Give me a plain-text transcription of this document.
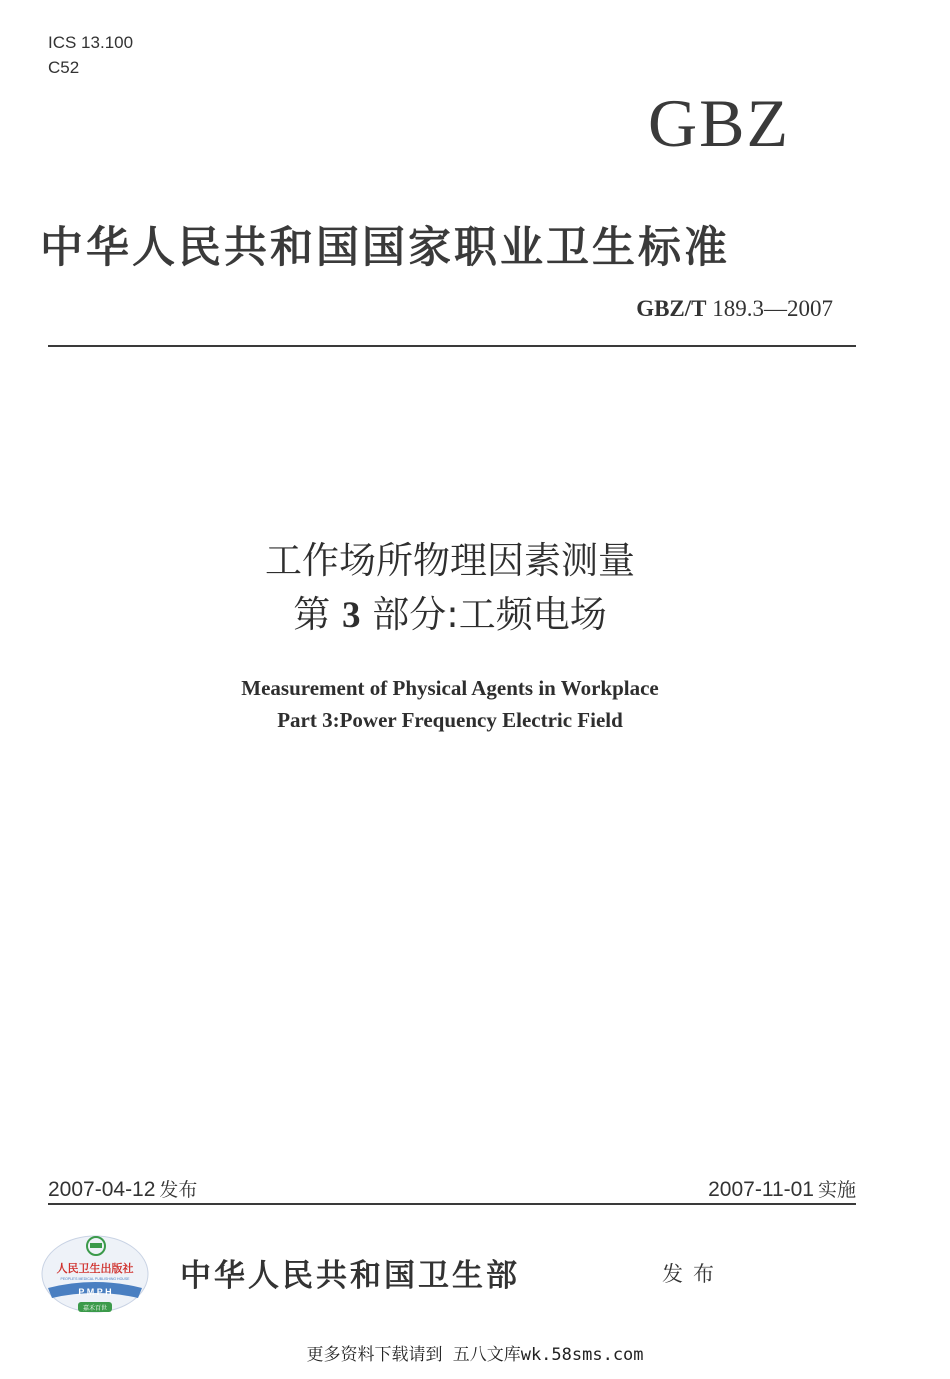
ICS 13.100
C52
GBZ
中华人民共和国国家职业卫生标准
GBZ/T 189.3—2007
工作场所物理因素测量
第 3 部分:工频电场
Measurement of Physical Agents in Workplace
Part 3:Power Frequency Electric Field
2007-04-12 发布	2007-11-01 实施
人民卫生出版社
PEOPLE'S MEDICAL PUBLISHING HOUSE
P M P H
嘉禾百世
中华人民共和国卫生部	发布
更多资料下载请到 五八文库wk.58sms.com
